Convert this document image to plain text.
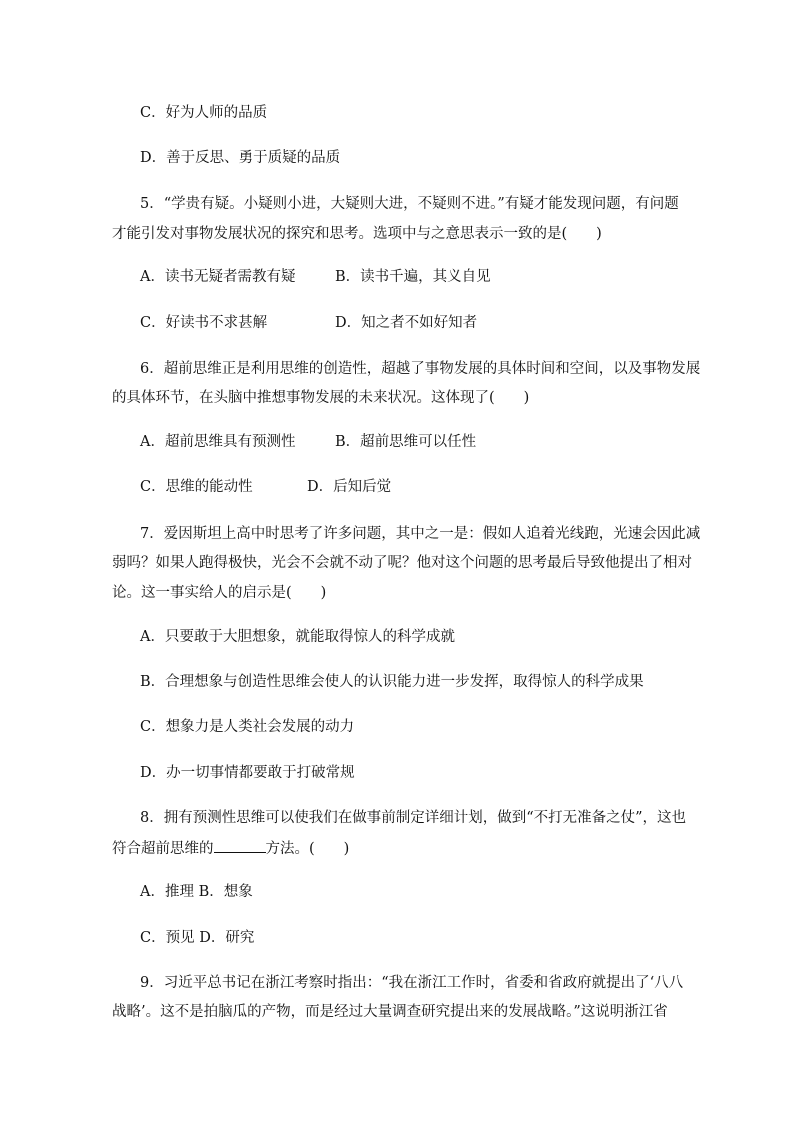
C．好为人师的品质
D．善于反思、勇于质疑的品质
5．“学贵有疑。小疑则小进，大疑则大进，不疑则不进。”有疑才能发现问题，有问题
才能引发对事物发展状况的探究和思考。选项中与之意思表示一致的是(　　)
A．读书无疑者需教有疑	B．读书千遍，其义自见
C．好读书不求甚解	D．知之者不如好知者
6．超前思维正是利用思维的创造性，超越了事物发展的具体时间和空间，以及事物发展
的具体环节，在头脑中推想事物发展的未来状况。这体现了(　　)
A．超前思维具有预测性	B．超前思维可以任性
C．思维的能动性	D．后知后觉
7．爱因斯坦上高中时思考了许多问题，其中之一是：假如人追着光线跑，光速会因此减
弱吗？如果人跑得极快，光会不会就不动了呢？他对这个问题的思考最后导致他提出了相对
论。这一事实给人的启示是(　　)
A．只要敢于大胆想象，就能取得惊人的科学成就
B．合理想象与创造性思维会使人的认识能力进一步发挥，取得惊人的科学成果
C．想象力是人类社会发展的动力
D．办一切事情都要敢于打破常规
8．拥有预测性思维可以使我们在做事前制定详细计划，做到“不打无准备之仗”，这也
符合超前思维的	方法。(　　)
A．推理 B．想象
C．预见 D．研究
9．习近平总书记在浙江考察时指出：“我在浙江工作时，省委和省政府就提出了‘八八
战略’。这不是拍脑瓜的产物，而是经过大量调查研究提出来的发展战略。”这说明浙江省
